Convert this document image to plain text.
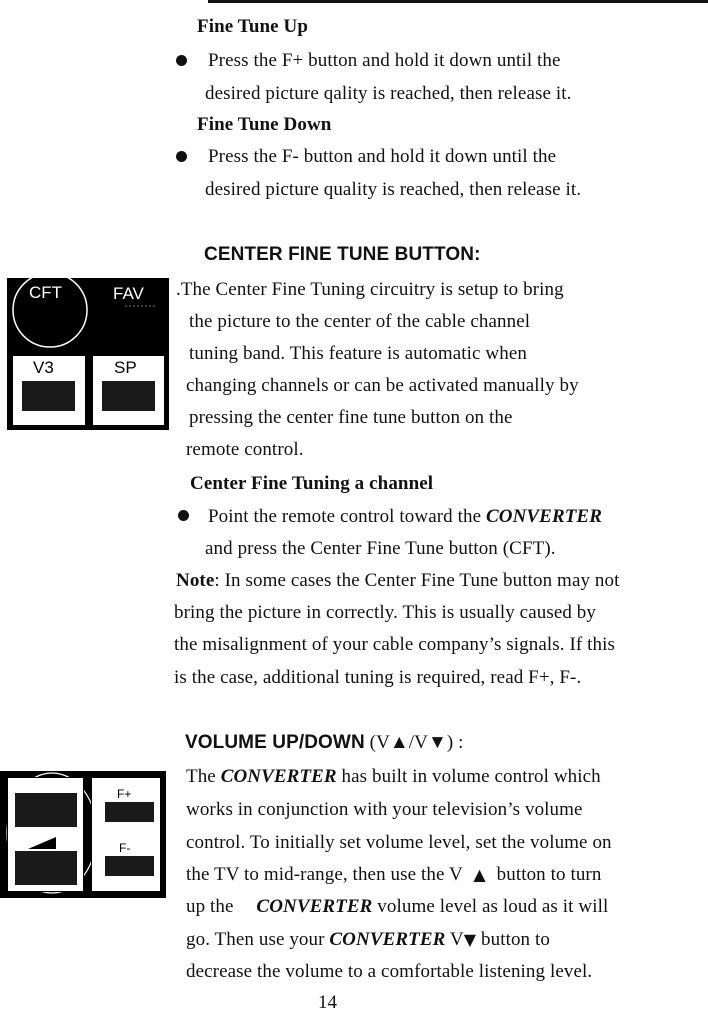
Fine Tune Up
Press the F+ button and hold it down until the
desired picture qality is reached, then release it.
Fine Tune Down
Press the F- button and hold it down until the
desired picture quality is reached, then release it.
CENTER FINE TUNE BUTTON:
CFT	FAV
V3	SP
.The Center Fine Tuning circuitry is setup to bring
the picture to the center of the cable channel
tuning band. This feature is automatic when
changing channels or can be activated manually by
pressing the center fine tune button on the
remote control.
Center Fine Tuning a channel
Point the remote control toward the CONVERTER
and press the Center Fine Tune button (CFT).
Note: In some cases the Center Fine Tune button may not
bring the picture in correctly. This is usually caused by
the misalignment of your cable company’s signals. If this
is the case, additional tuning is required, read F+, F-.
VOLUME UP/DOWN (V▲/V▼) :
F+
F-
The CONVERTER has built in volume control which
works in conjunction with your television’s volume
control. To initially set volume level, set the volume on
the TV to mid-range, then use the V ▲ button to turn
up the CONVERTER volume level as loud as it will
go. Then use your CONVERTER V▼ button to
decrease the volume to a comfortable listening level.
14
